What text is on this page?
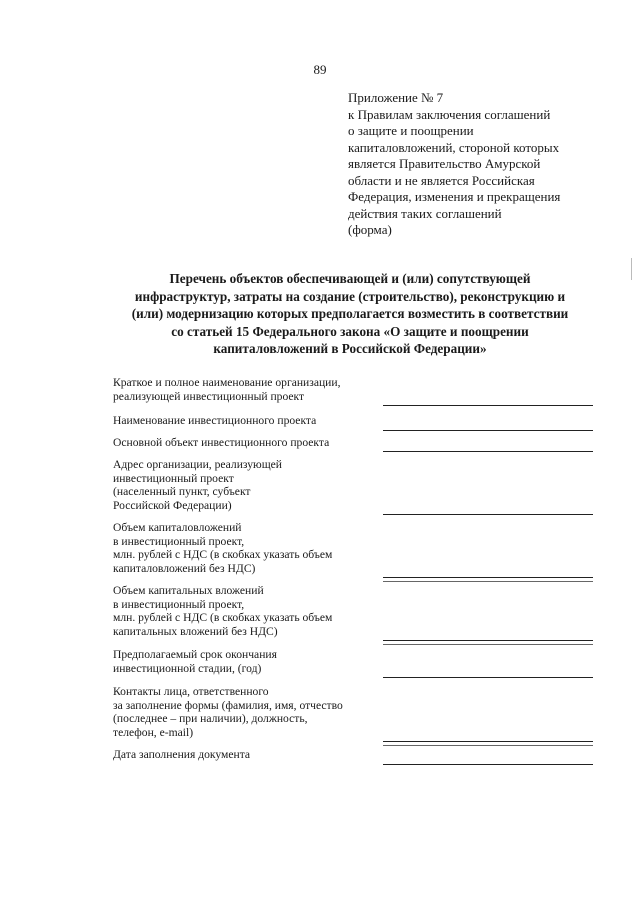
89
Приложение № 7
к Правилам заключения соглашений
о защите и поощрении
капиталовложений, стороной которых
является Правительство Амурской
области и не является Российская
Федерация, изменения и прекращения
действия таких соглашений
(форма)
Перечень объектов обеспечивающей и (или) сопутствующей
инфраструктур, затраты на создание (строительство), реконструкцию и
(или) модернизацию которых предполагается возместить в соответствии
со статьей 15 Федерального закона «О защите и поощрении
капиталовложений в Российской Федерации»
Краткое и полное наименование организации,
реализующей инвестиционный проект
Наименование инвестиционного проекта
Основной объект инвестиционного проекта
Адрес организации, реализующей
инвестиционный проект
(населенный пункт, субъект
Российской Федерации)
Объем капиталовложений
в инвестиционный проект,
млн. рублей с НДС (в скобках указать объем
капиталовложений без НДС)
Объем капитальных вложений
в инвестиционный проект,
млн. рублей с НДС (в скобках указать объем
капитальных вложений без НДС)
Предполагаемый срок окончания
инвестиционной стадии, (год)
Контакты лица, ответственного
за заполнение формы (фамилия, имя, отчество
(последнее – при наличии), должность,
телефон, e-mail)
Дата заполнения документа
